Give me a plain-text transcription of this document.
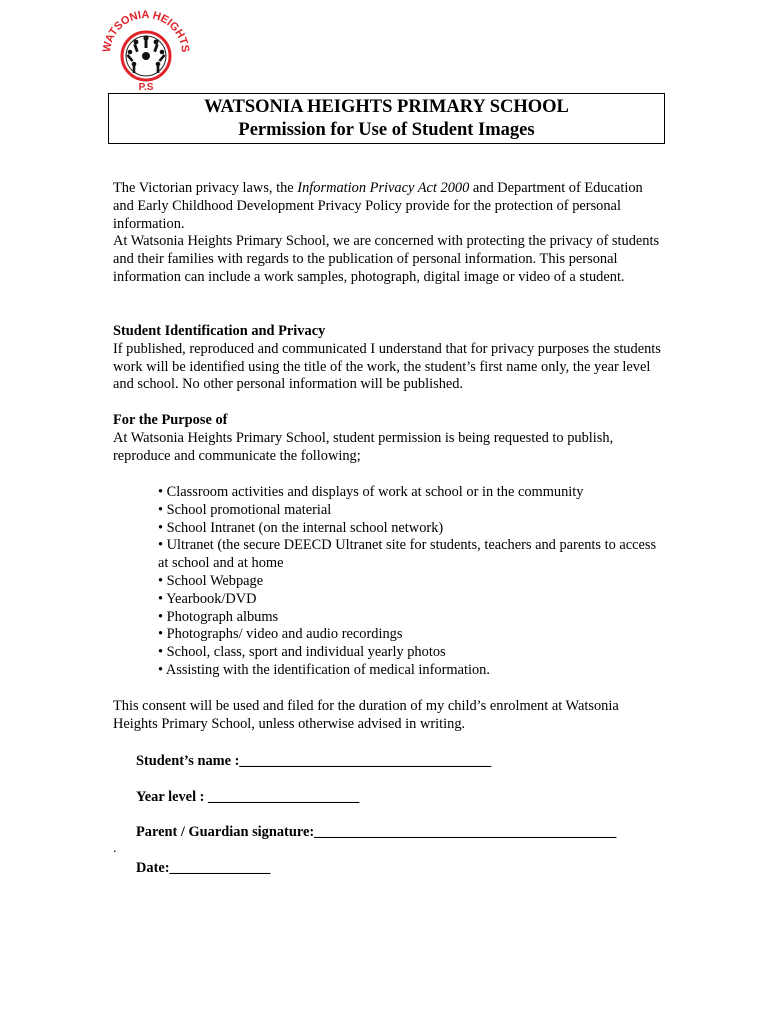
WATSONIA HEIGHTS
P.S
WATSONIA HEIGHTS PRIMARY SCHOOL
Permission for Use of Student Images

The Victorian privacy laws, the Information Privacy Act 2000 and Department of Education and Early Childhood Development Privacy Policy provide for the protection of personal information.

At Watsonia Heights Primary School, we are concerned with protecting the privacy of students and their families with regards to the publication of personal information. This personal information can include a work samples, photograph, digital image or video of a student.

Student Identification and Privacy

If published, reproduced and communicated I understand that for privacy purposes the students work will be identified using the title of the work, the student’s first name only, the year level and school. No other personal information will be published.

For the Purpose of

At Watsonia Heights Primary School, student permission is being requested to publish, reproduce and communicate the following;

• Classroom activities and displays of work at school or in the community
• School promotional material
• School Intranet (on the internal school network)
• Ultranet (the secure DEECD Ultranet site for students, teachers and parents to access at school and at home
• School Webpage
• Yearbook/DVD
• Photograph albums
• Photographs/ video and audio recordings
• School, class, sport and individual yearly photos
• Assisting with the identification of medical information.

This consent will be used and filed for the duration of my child’s enrolment at Watsonia Heights Primary School, unless otherwise advised in writing.

Student’s name :___________________________________
Year level : _____________________
Parent / Guardian signature:__________________________________________
.
Date:______________
